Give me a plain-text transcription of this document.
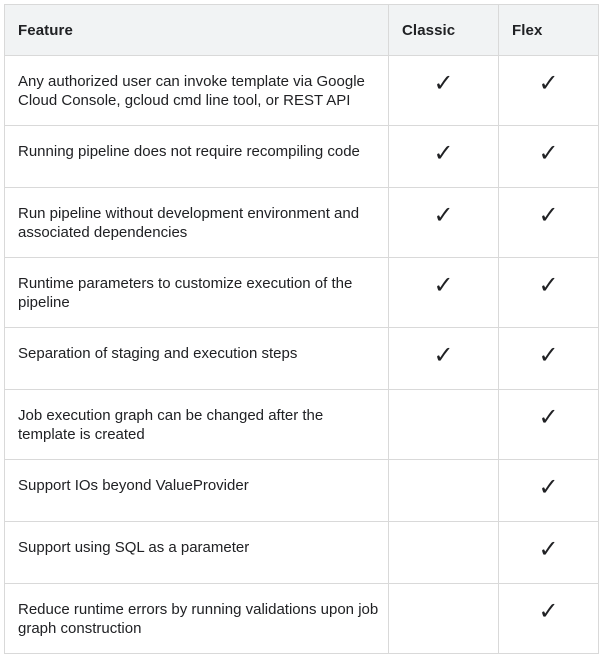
Feature	Classic	Flex
Any authorized user can invoke template via Google Cloud Console, gcloud cmd line tool, or REST API	✓	✓
Running pipeline does not require recompiling code	✓	✓
Run pipeline without development environment and associated dependencies	✓	✓
Runtime parameters to customize execution of the pipeline	✓	✓
Separation of staging and execution steps	✓	✓
Job execution graph can be changed after the template is created		✓
Support IOs beyond ValueProvider		✓
Support using SQL as a parameter		✓
Reduce runtime errors by running validations upon job graph construction		✓
